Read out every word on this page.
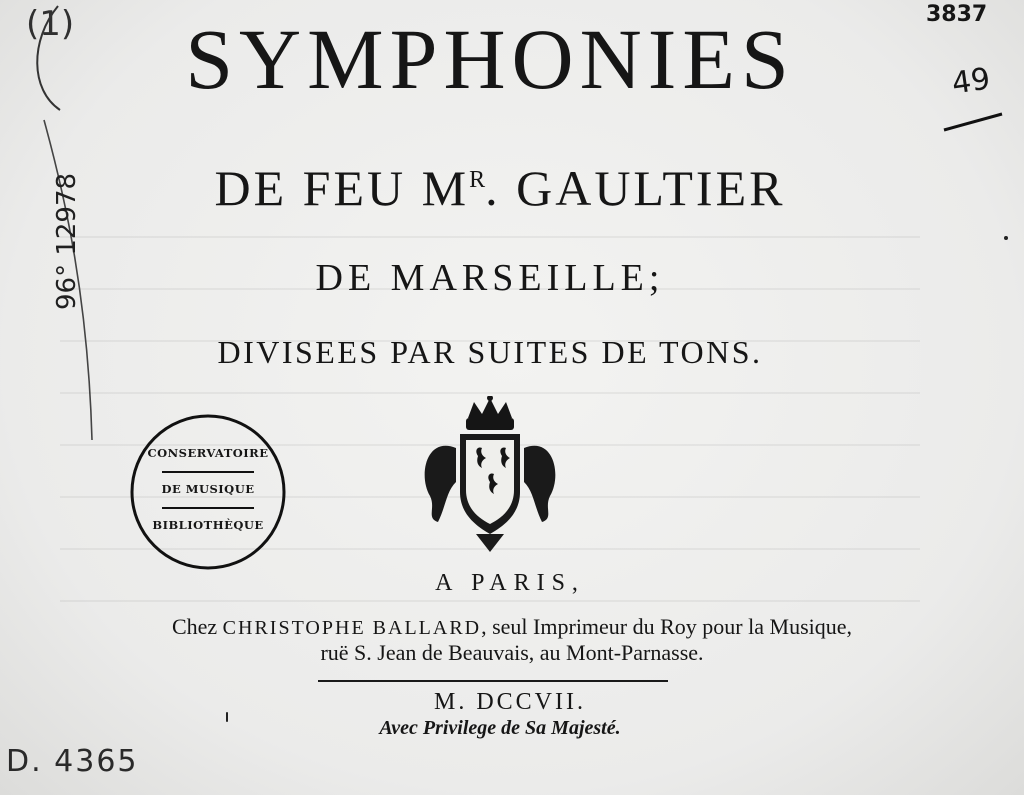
(1)	3837
49
96° 12978
SYMPHONIES
DE FEU $M^R$. GAULTIER
DE MARSEILLE;
DIVISEES PAR SUITES DE TONS.
CONSERVATOIRE
DE MUSIQUE
BIBLIOTHÈQUE
A PARIS,
Chez CHRISTOPHE BALLARD, seul Imprimeur du Roy pour la Musique,
ruë S. Jean de Beauvais, au Mont-Parnasse.
M. DCCVII.
Avec Privilege de Sa Majesté.
D. 4365
